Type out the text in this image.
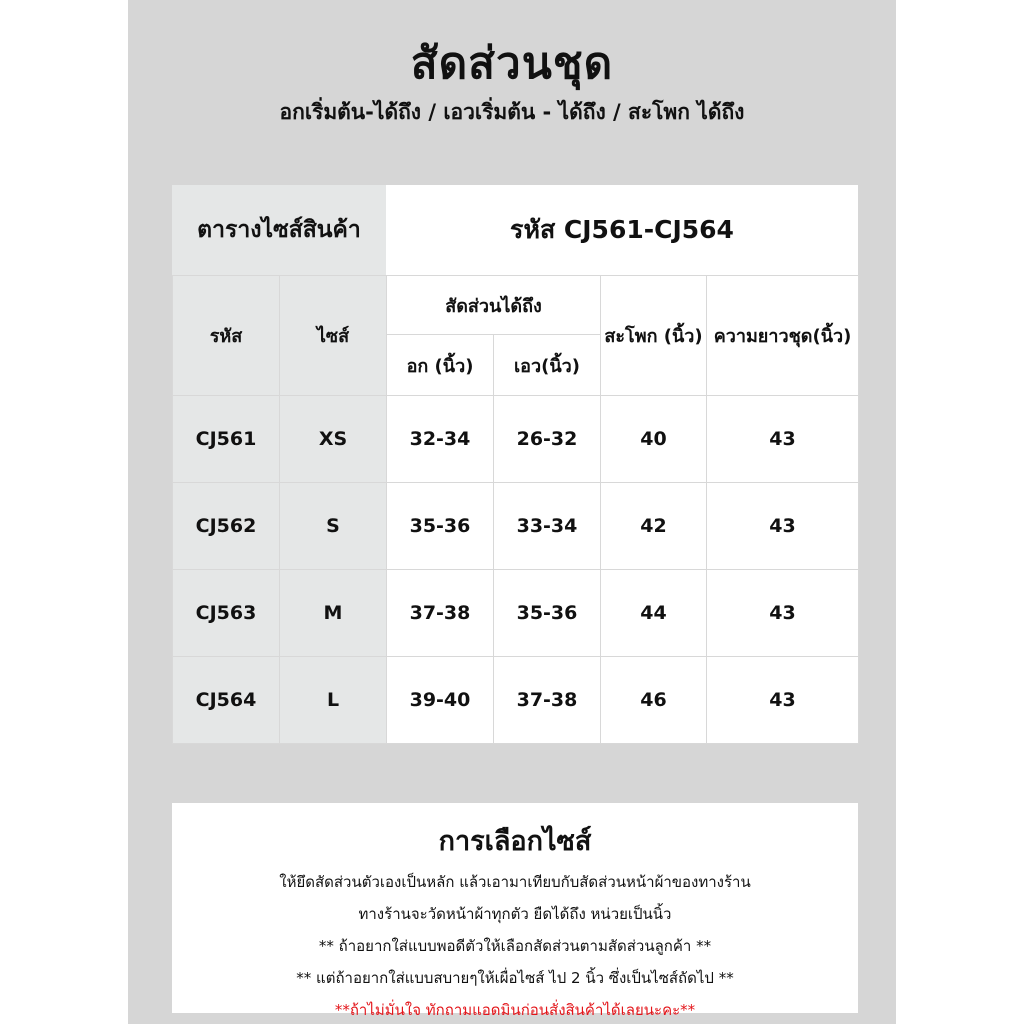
สัดส่วนชุด
อกเริ่มต้น-ได้ถึง / เอวเริ่มต้น - ได้ถึง / สะโพก ได้ถึง
ตารางไซส์สินค้า	รหัส CJ561-CJ564
รหัส	ไซส์	สัดส่วนได้ถึง		สะโพก (นิ้ว)	ความยาวชุด(นิ้ว)
		อก (นิ้ว)	เอว(นิ้ว)		
CJ561	XS	32-34	26-32	40	43
CJ562	S	35-36	33-34	42	43
CJ563	M	37-38	35-36	44	43
CJ564	L	39-40	37-38	46	43
การเลือกไซส์
ให้ยึดสัดส่วนตัวเองเป็นหลัก แล้วเอามาเทียบกับสัดส่วนหน้าผ้าของทางร้าน
ทางร้านจะวัดหน้าผ้าทุกตัว ยืดได้ถึง หน่วยเป็นนิ้ว
** ถ้าอยากใส่แบบพอดีตัวให้เลือกสัดส่วนตามสัดส่วนลูกค้า **
** แต่ถ้าอยากใส่แบบสบายๆให้เผื่อไซส์ ไป 2 นิ้ว ซึ่งเป็นไซส์ถัดไป **
**ถ้าไม่มั่นใจ ทักถามแอดมินก่อนสั่งสินค้าได้เลยนะคะ**
